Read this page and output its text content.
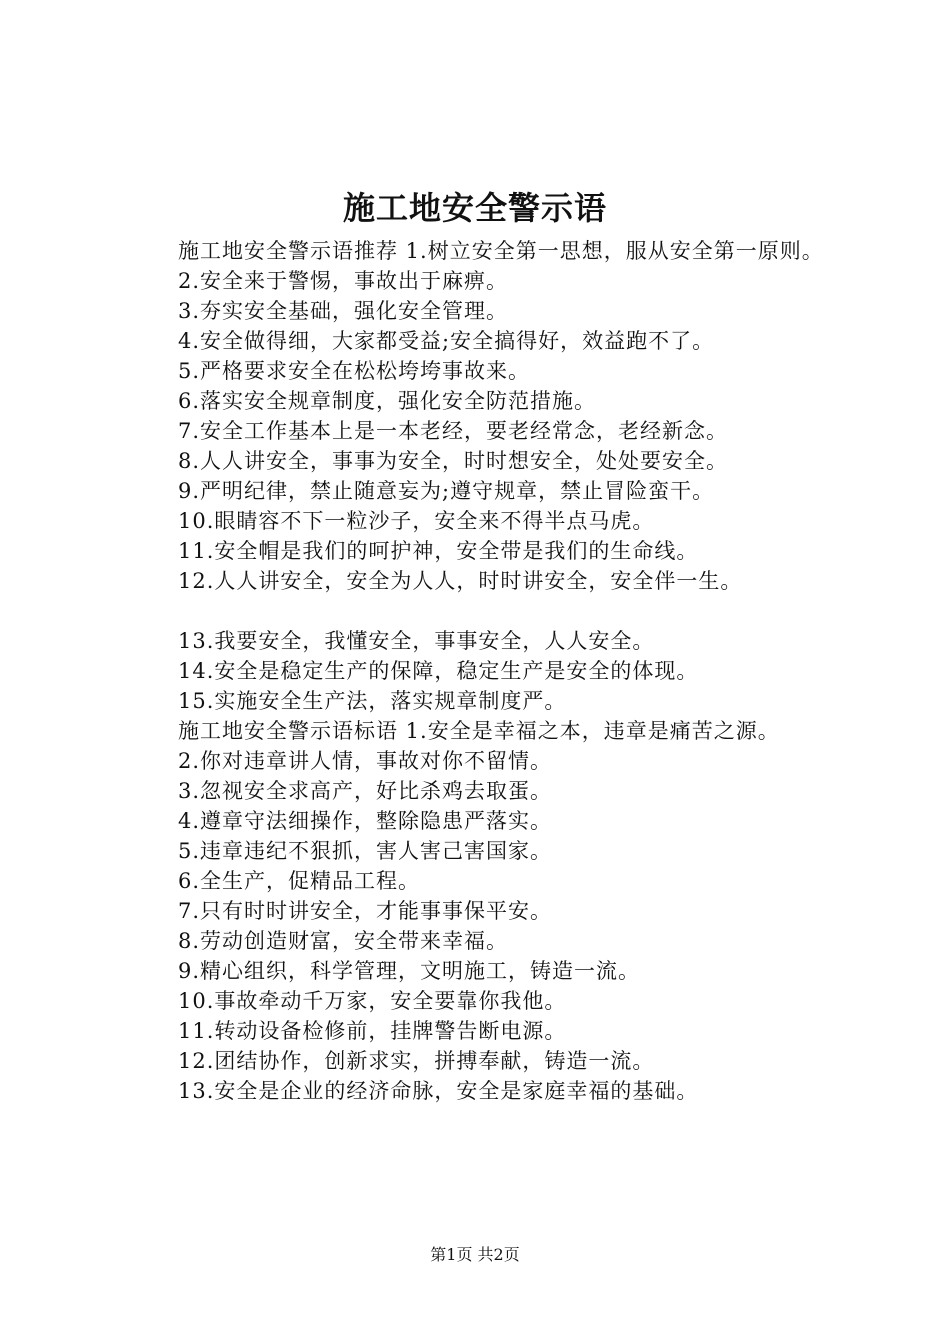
施工地安全警示语

施工地安全警示语推荐 1.树立安全第一思想，服从安全第一原则。

2.安全来于警惕，事故出于麻痹。

3.夯实安全基础，强化安全管理。

4.安全做得细，大家都受益;安全搞得好，效益跑不了。

5.严格要求安全在松松垮垮事故来。

6.落实安全规章制度，强化安全防范措施。

7.安全工作基本上是一本老经，要老经常念，老经新念。

8.人人讲安全，事事为安全，时时想安全，处处要安全。

9.严明纪律，禁止随意妄为;遵守规章，禁止冒险蛮干。

10.眼睛容不下一粒沙子，安全来不得半点马虎。

11.安全帽是我们的呵护神，安全带是我们的生命线。

12.人人讲安全，安全为人人，时时讲安全，安全伴一生。

13.我要安全，我懂安全，事事安全，人人安全。

14.安全是稳定生产的保障，稳定生产是安全的体现。

15.实施安全生产法，落实规章制度严。

施工地安全警示语标语 1.安全是幸福之本，违章是痛苦之源。

2.你对违章讲人情，事故对你不留情。

3.忽视安全求高产，好比杀鸡去取蛋。

4.遵章守法细操作，整除隐患严落实。

5.违章违纪不狠抓，害人害己害国家。

6.全生产，促精品工程。

7.只有时时讲安全，才能事事保平安。

8.劳动创造财富，安全带来幸福。

9.精心组织，科学管理，文明施工，铸造一流。

10.事故牵动千万家，安全要靠你我他。

11.转动设备检修前，挂牌警告断电源。

12.团结协作，创新求实，拼搏奉献，铸造一流。

13.安全是企业的经济命脉，安全是家庭幸福的基础。

第1页 共2页
